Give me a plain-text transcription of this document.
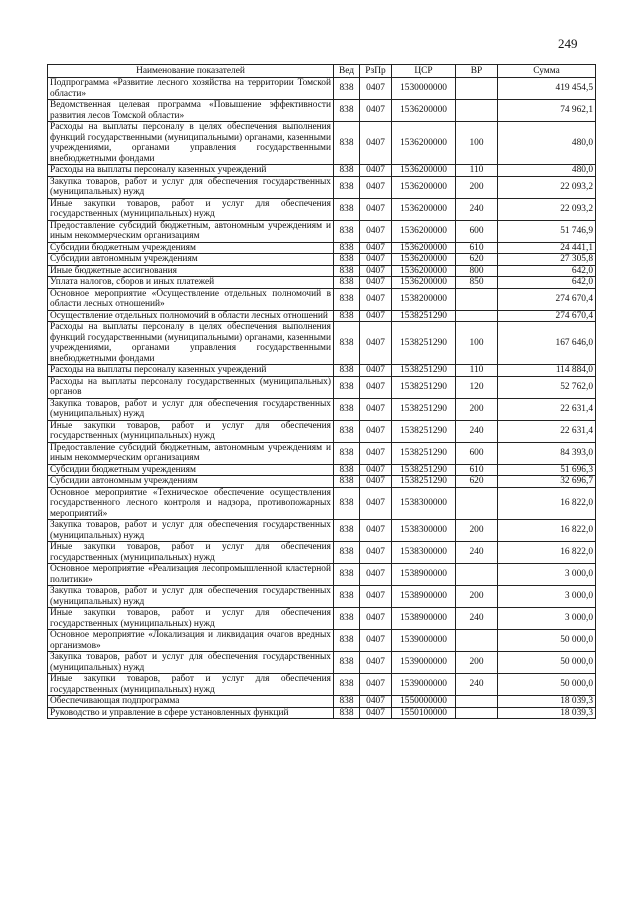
249
Наименование показателей	Вед	РзПр	ЦСР	ВР	Сумма
Подпрограмма «Развитие лесного хозяйства на территории Томской области»	838	0407	1530000000		419 454,5
Ведомственная целевая программа «Повышение эффективности развития лесов Томской области»	838	0407	1536200000		74 962,1
Расходы на выплаты персоналу в целях обеспечения выполнения функций государственными (муниципальными) органами, казенными учреждениями, органами управления государственными внебюджетными фондами	838	0407	1536200000	100	480,0
Расходы на выплаты персоналу казенных учреждений	838	0407	1536200000	110	480,0
Закупка товаров, работ и услуг для обеспечения государственных (муниципальных) нужд	838	0407	1536200000	200	22 093,2
Иные закупки товаров, работ и услуг для обеспечения государственных (муниципальных) нужд	838	0407	1536200000	240	22 093,2
Предоставление субсидий бюджетным, автономным учреждениям и иным некоммерческим организациям	838	0407	1536200000	600	51 746,9
Субсидии бюджетным учреждениям	838	0407	1536200000	610	24 441,1
Субсидии автономным учреждениям	838	0407	1536200000	620	27 305,8
Иные бюджетные ассигнования	838	0407	1536200000	800	642,0
Уплата налогов, сборов и иных платежей	838	0407	1536200000	850	642,0
Основное мероприятие «Осуществление отдельных полномочий в области лесных отношений»	838	0407	1538200000		274 670,4
Осуществление отдельных полномочий в области лесных отношений	838	0407	1538251290		274 670,4
Расходы на выплаты персоналу в целях обеспечения выполнения функций государственными (муниципальными) органами, казенными учреждениями, органами управления государственными внебюджетными фондами	838	0407	1538251290	100	167 646,0
Расходы на выплаты персоналу казенных учреждений	838	0407	1538251290	110	114 884,0
Расходы на выплаты персоналу государственных (муниципальных) органов	838	0407	1538251290	120	52 762,0
Закупка товаров, работ и услуг для обеспечения государственных (муниципальных) нужд	838	0407	1538251290	200	22 631,4
Иные закупки товаров, работ и услуг для обеспечения государственных (муниципальных) нужд	838	0407	1538251290	240	22 631,4
Предоставление субсидий бюджетным, автономным учреждениям и иным некоммерческим организациям	838	0407	1538251290	600	84 393,0
Субсидии бюджетным учреждениям	838	0407	1538251290	610	51 696,3
Субсидии автономным учреждениям	838	0407	1538251290	620	32 696,7
Основное мероприятие «Техническое обеспечение осуществления государственного лесного контроля и надзора, противопожарных мероприятий»	838	0407	1538300000		16 822,0
Закупка товаров, работ и услуг для обеспечения государственных (муниципальных) нужд	838	0407	1538300000	200	16 822,0
Иные закупки товаров, работ и услуг для обеспечения государственных (муниципальных) нужд	838	0407	1538300000	240	16 822,0
Основное мероприятие «Реализация лесопромышленной кластерной политики»	838	0407	1538900000		3 000,0
Закупка товаров, работ и услуг для обеспечения государственных (муниципальных) нужд	838	0407	1538900000	200	3 000,0
Иные закупки товаров, работ и услуг для обеспечения государственных (муниципальных) нужд	838	0407	1538900000	240	3 000,0
Основное мероприятие «Локализация и ликвидация очагов вредных организмов»	838	0407	1539000000		50 000,0
Закупка товаров, работ и услуг для обеспечения государственных (муниципальных) нужд	838	0407	1539000000	200	50 000,0
Иные закупки товаров, работ и услуг для обеспечения государственных (муниципальных) нужд	838	0407	1539000000	240	50 000,0
Обеспечивающая подпрограмма	838	0407	1550000000		18 039,3
Руководство и управление в сфере установленных функций	838	0407	1550100000		18 039,3
